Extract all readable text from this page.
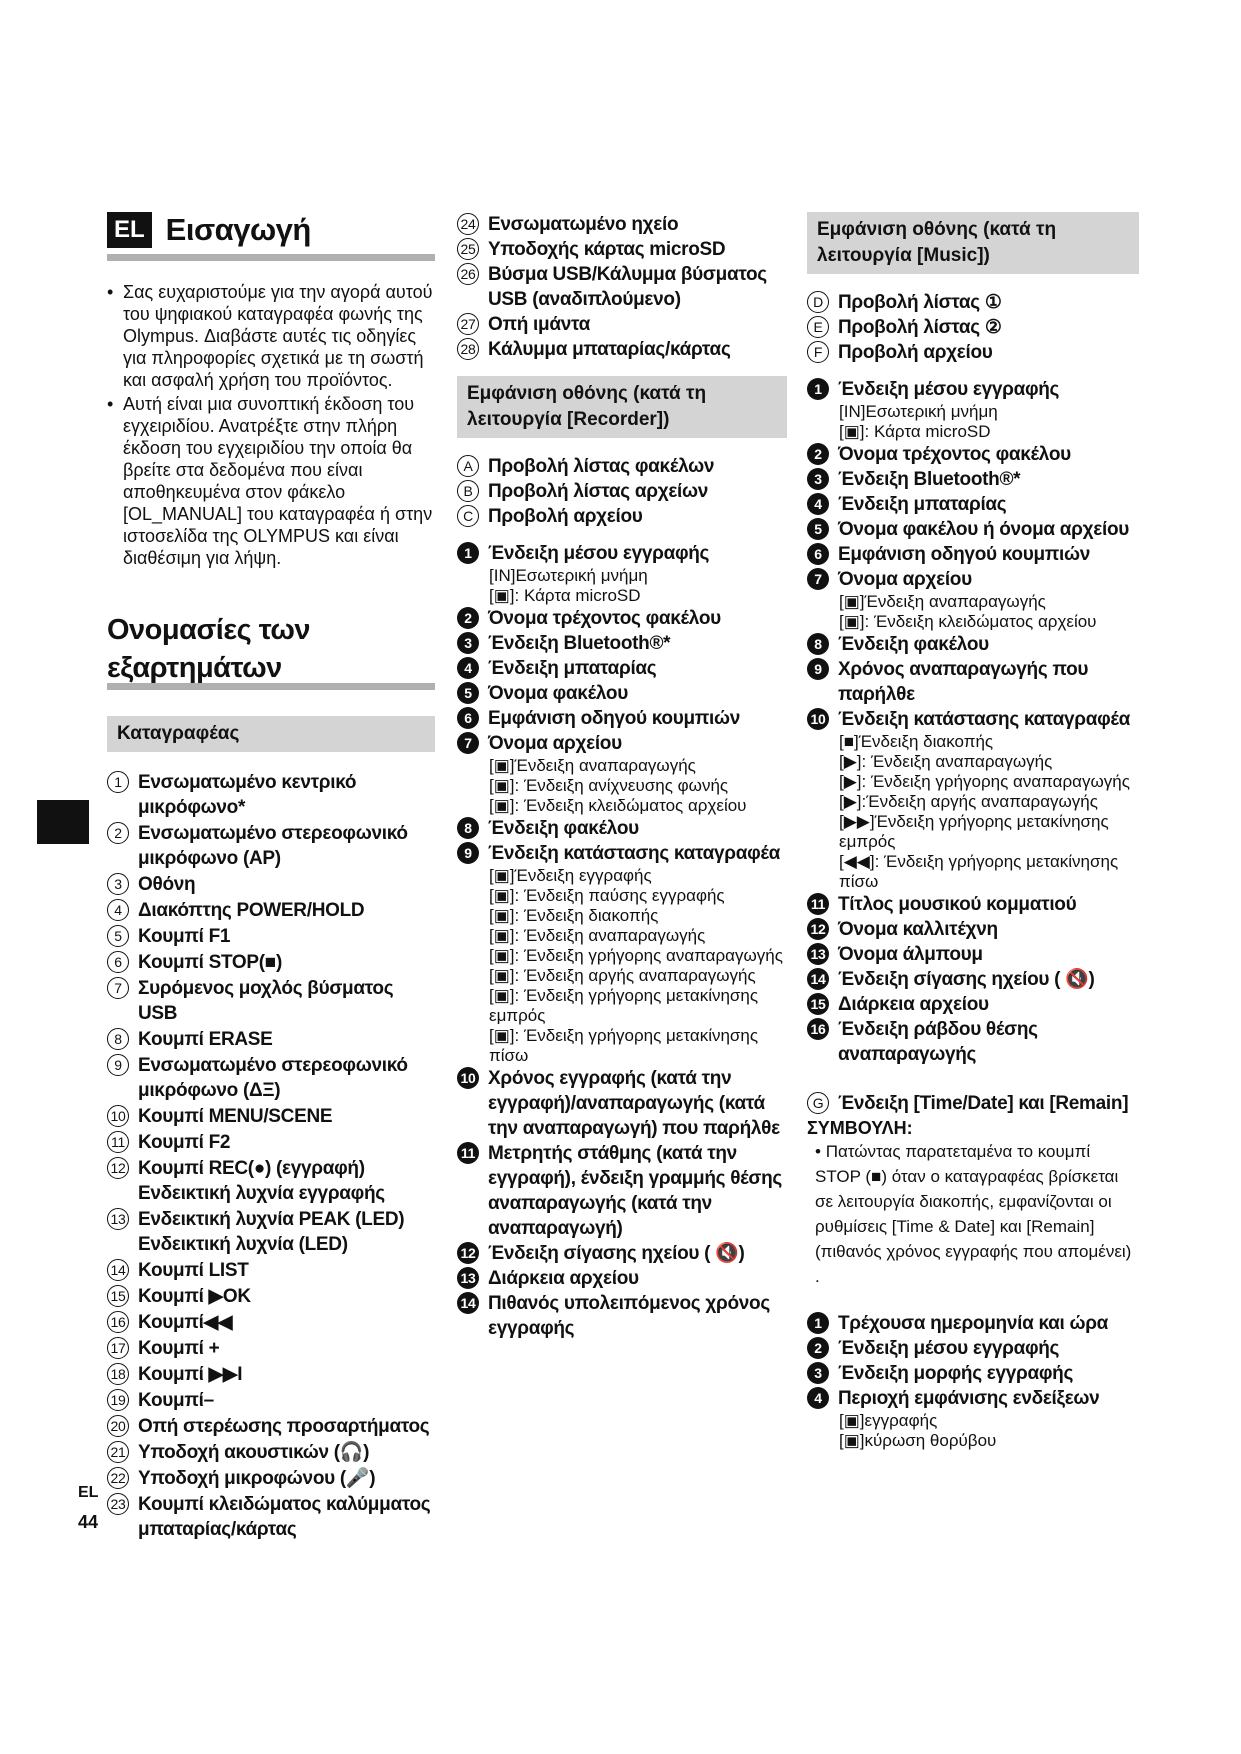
EL Εισαγωγή
• Σας ευχαριστούμε για την αγορά αυτού του ψηφιακού καταγραφέα φωνής της Olympus. Διαβάστε αυτές τις οδηγίες για πληροφορίες σχετικά με τη σωστή και ασφαλή χρήση του προϊόντος.
• Αυτή είναι μια συνοπτική έκδοση του εγχειριδίου. Ανατρέξτε στην πλήρη έκδοση του εγχειριδίου την οποία θα βρείτε στα δεδομένα που είναι αποθηκευμένα στον φάκελο [OL_MANUAL] του καταγραφέα ή στην ιστοσελίδα της OLYMPUS και είναι διαθέσιμη για λήψη.
Ονομασίες των
εξαρτημάτων
Καταγραφέας
1 Ενσωματωμένο κεντρικό μικρόφωνο*
2 Ενσωματωμένο στερεοφωνικό μικρόφωνο (AP)
3 Οθόνη
4 Διακόπτης POWER/HOLD
5 Κουμπί F1
6 Κουμπί STOP(■)
7 Συρόμενος μοχλός βύσματος USB
8 Κουμπί ERASE
9 Ενσωματωμένο στερεοφωνικό μικρόφωνο (ΔΞ)
10 Κουμπί MENU/SCENE
11 Κουμπί F2
12 Κουμπί REC(●) (εγγραφή) Ενδεικτική λυχνία εγγραφής
13 Ενδεικτική λυχνία PEAK (LED) Ενδεικτική λυχνία (LED)
14 Κουμπί LIST
15 Κουμπί ▶OK
16 Κουμπί◀◀
17 Κουμπί +
18 Κουμπί ▶▶I
19 Κουμπί–
20 Οπή στερέωσης προσαρτήματος
21 Υποδοχή ακουστικών (🎧)
22 Υποδοχή μικροφώνου (🎤)
23 Κουμπί κλειδώματος καλύμματος μπαταρίας/κάρτας
24 Ενσωματωμένο ηχείο
25 Υποδοχής κάρτας microSD
26 Βύσμα USB/Κάλυμμα βύσματος USB (αναδιπλούμενο)
27 Οπή ιμάντα
28 Κάλυμμα μπαταρίας/κάρτας
Εμφάνιση οθόνης (κατά τη λειτουργία [Recorder])
A Προβολή λίστας φακέλων
B Προβολή λίστας αρχείων
C Προβολή αρχείου
1 Ένδειξη μέσου εγγραφής
[IN]Εσωτερική μνήμη
[▣]: Κάρτα microSD
2 Όνομα τρέχοντος φακέλου
3 Ένδειξη Bluetooth®*
4 Ένδειξη μπαταρίας
5 Όνομα φακέλου
6 Εμφάνιση οδηγού κουμπιών
7 Όνομα αρχείου
[▣]Ένδειξη αναπαραγωγής
[▣]: Ένδειξη ανίχνευσης φωνής
[▣]: Ένδειξη κλειδώματος αρχείου
8 Ένδειξη φακέλου
9 Ένδειξη κατάστασης καταγραφέα
[▣]Ένδειξη εγγραφής
[▣]: Ένδειξη παύσης εγγραφής
[▣]: Ένδειξη διακοπής
[▣]: Ένδειξη αναπαραγωγής
[▣]: Ένδειξη γρήγορης αναπαραγωγής
[▣]: Ένδειξη αργής αναπαραγωγής
[▣]: Ένδειξη γρήγορης μετακίνησης εμπρός
[▣]: Ένδειξη γρήγορης μετακίνησης πίσω
10 Χρόνος εγγραφής (κατά την εγγραφή)/αναπαραγωγής (κατά την αναπαραγωγή) που παρήλθε
11 Μετρητής στάθμης (κατά την εγγραφή), ένδειξη γραμμής θέσης αναπαραγωγής (κατά την αναπαραγωγή)
12 Ένδειξη σίγασης ηχείου ( 🔇)
13 Διάρκεια αρχείου
14 Πιθανός υπολειπόμενος χρόνος εγγραφής
Εμφάνιση οθόνης (κατά τη λειτουργία [Music])
D Προβολή λίστας ①
E Προβολή λίστας ②
F Προβολή αρχείου
1 Ένδειξη μέσου εγγραφής
[IN]Εσωτερική μνήμη
[▣]: Κάρτα microSD
2 Όνομα τρέχοντος φακέλου
3 Ένδειξη Bluetooth®*
4 Ένδειξη μπαταρίας
5 Όνομα φακέλου ή όνομα αρχείου
6 Εμφάνιση οδηγού κουμπιών
7 Όνομα αρχείου
[▣]Ένδειξη αναπαραγωγής
[▣]: Ένδειξη κλειδώματος αρχείου
8 Ένδειξη φακέλου
9 Χρόνος αναπαραγωγής που παρήλθε
10 Ένδειξη κατάστασης καταγραφέα
[■]Ένδειξη διακοπής
[▶]: Ένδειξη αναπαραγωγής
[▶]: Ένδειξη γρήγορης αναπαραγωγής
[▶]:Ένδειξη αργής αναπαραγωγής
[▶▶]Ένδειξη γρήγορης μετακίνησης εμπρός
[◀◀]: Ένδειξη γρήγορης μετακίνησης πίσω
11 Τίτλος μουσικού κομματιού
12 Όνομα καλλιτέχνη
13 Όνομα άλμπουμ
14 Ένδειξη σίγασης ηχείου ( 🔇)
15 Διάρκεια αρχείου
16 Ένδειξη ράβδου θέσης αναπαραγωγής
G Ένδειξη [Time/Date] και [Remain]
ΣΥΜΒΟΥΛΗ:
• Πατώντας παρατεταμένα το κουμπί STOP (■) όταν ο καταγραφέας βρίσκεται σε λειτουργία διακοπής, εμφανίζονται οι ρυθμίσεις [Time & Date] και [Remain] (πιθανός χρόνος εγγραφής που απομένει) .
1 Τρέχουσα ημερομηνία και ώρα
2 Ένδειξη μέσου εγγραφής
3 Ένδειξη μορφής εγγραφής
4 Περιοχή εμφάνισης ενδείξεων
[▣]εγγραφής
[▣]κύρωση θορύβου
EL
44
